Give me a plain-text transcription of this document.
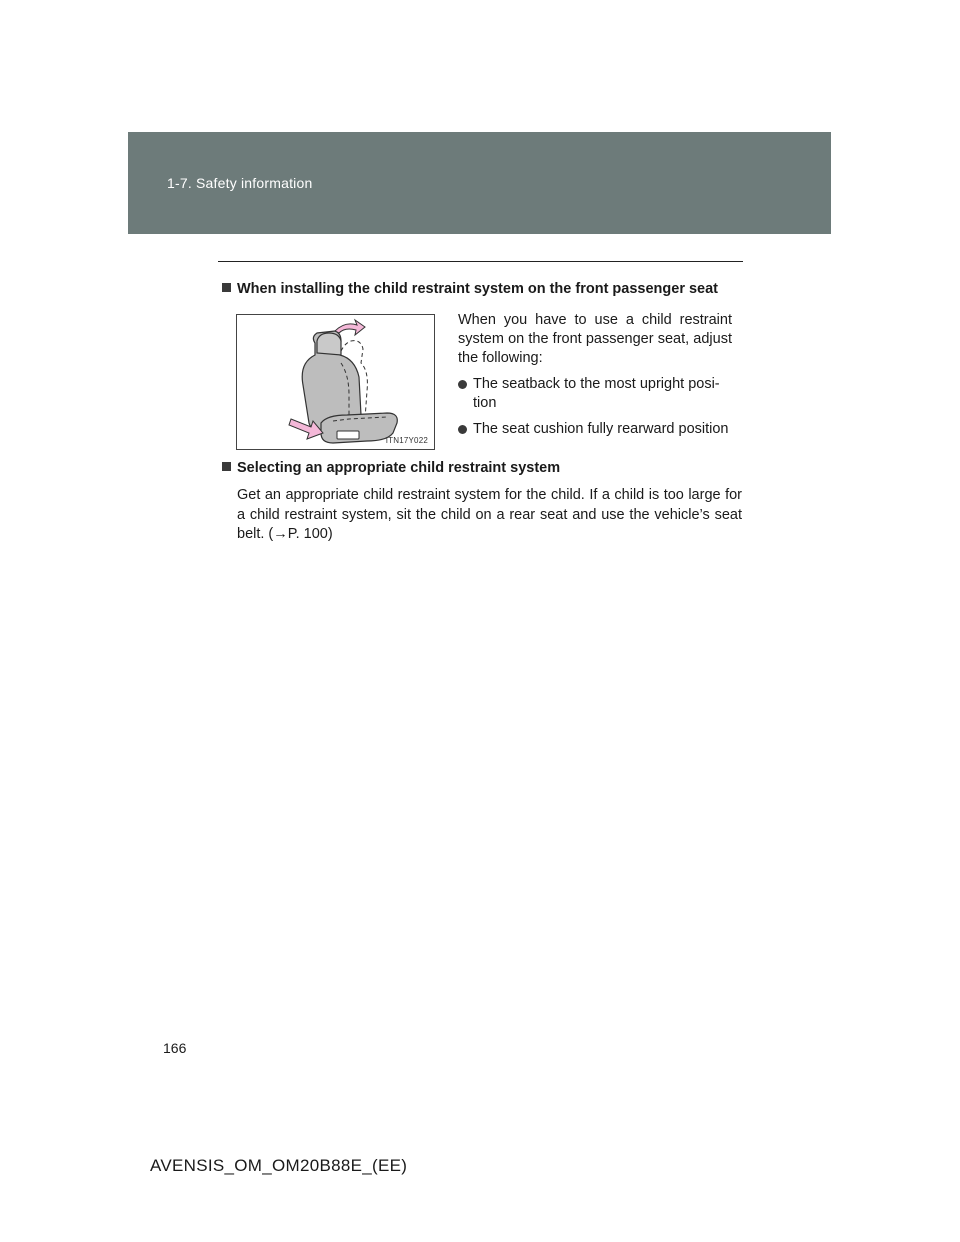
1-7. Safety information
When installing the child restraint system on the front passenger seat
ITN17Y022

When you have to use a child restraint system on the front passenger seat, adjust the following:

The seatback to the most upright posi-tion
The seat cushion fully rearward position
Selecting an appropriate child restraint system

Get an appropriate child restraint system for the child. If a child is too large for a child restraint system, sit the child on a rear seat and use the vehicle’s seat belt. (→P. 100)

166
AVENSIS_OM_OM20B88E_(EE)
